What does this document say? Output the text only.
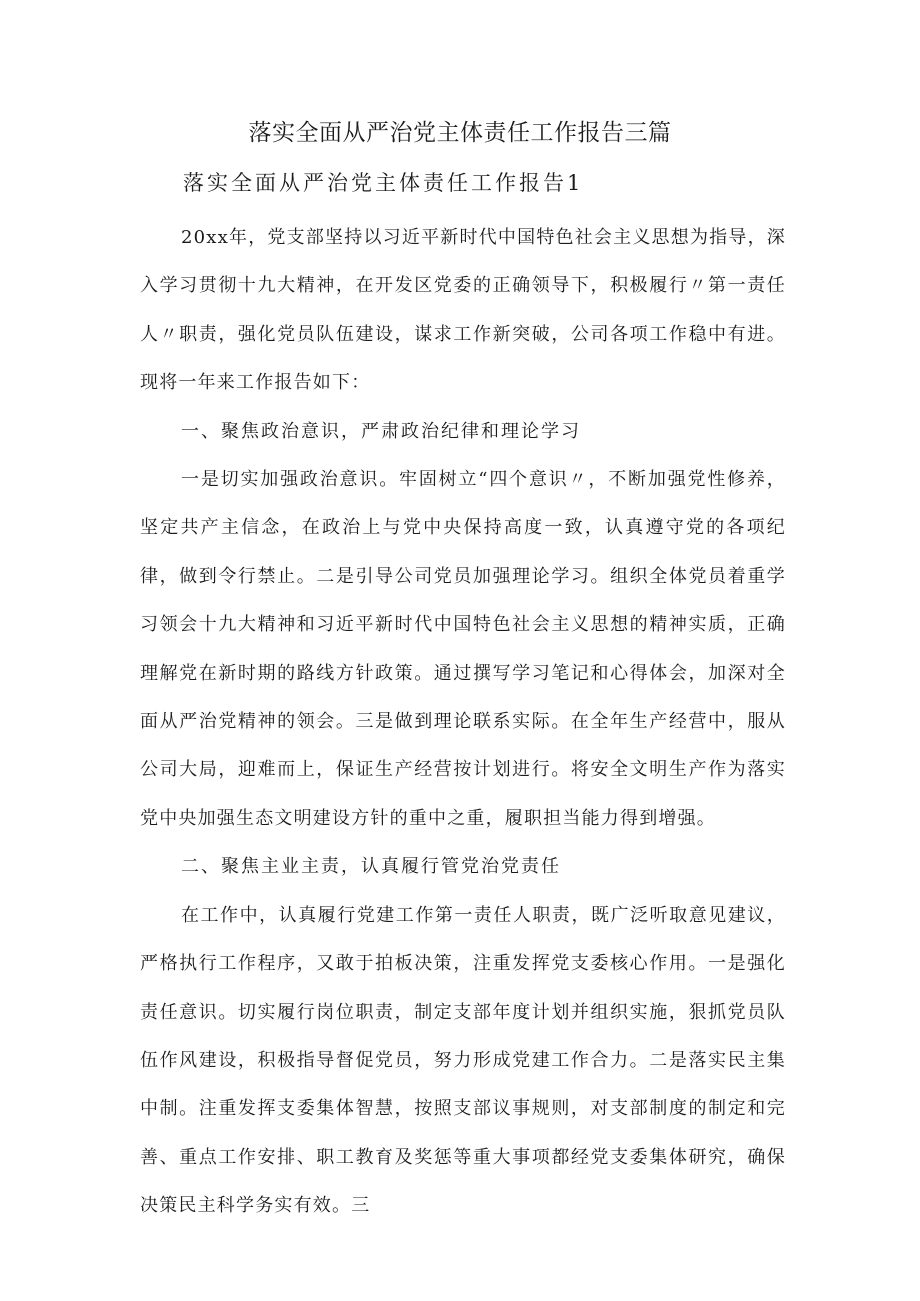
落实全面从严治党主体责任工作报告三篇
落实全面从严治党主体责任工作报告1

20xx年，党支部坚持以习近平新时代中国特色社会主义思想为指导，深入学习贯彻十九大精神，在开发区党委的正确领导下，积极履行〃第一责任人〃职责，强化党员队伍建设，谋求工作新突破，公司各项工作稳中有进。现将一年来工作报告如下：

一、聚焦政治意识，严肃政治纪律和理论学习

一是切实加强政治意识。牢固树立“四个意识〃，不断加强党性修养，坚定共产主信念，在政治上与党中央保持高度一致，认真遵守党的各项纪律，做到令行禁止。二是引导公司党员加强理论学习。组织全体党员着重学习领会十九大精神和习近平新时代中国特色社会主义思想的精神实质，正确理解党在新时期的路线方针政策。通过撰写学习笔记和心得体会，加深对全面从严治党精神的领会。三是做到理论联系实际。在全年生产经营中，服从公司大局，迎难而上，保证生产经营按计划进行。将安全文明生产作为落实党中央加强生态文明建设方针的重中之重，履职担当能力得到增强。

二、聚焦主业主责，认真履行管党治党责任

在工作中，认真履行党建工作第一责任人职责，既广泛听取意见建议，严格执行工作程序，又敢于拍板决策，注重发挥党支委核心作用。一是强化责任意识。切实履行岗位职责，制定支部年度计划并组织实施，狠抓党员队伍作风建设，积极指导督促党员，努力形成党建工作合力。二是落实民主集中制。注重发挥支委集体智慧，按照支部议事规则，对支部制度的制定和完善、重点工作安排、职工教育及奖惩等重大事项都经党支委集体研究，确保决策民主科学务实有效。三
